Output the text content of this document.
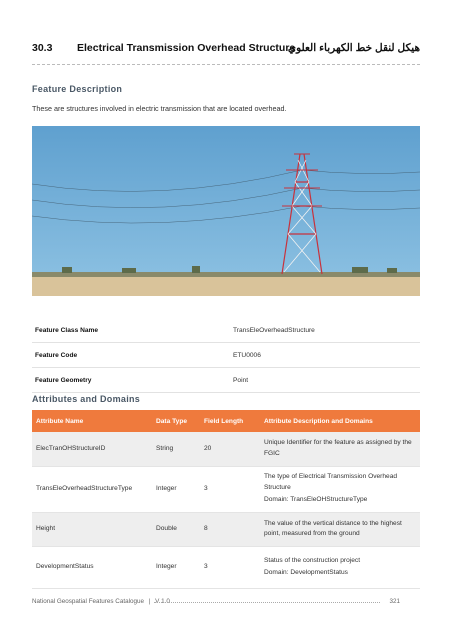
30.3 Electrical Transmission Overhead Structure
هيكل لنقل خط الكهرباء العلوي
Feature Description
These are structures involved in electric transmission that are located overhead.
Feature Class Name	TransEleOverheadStructure
Feature Code	ETU0006
Feature Geometry	Point
Attributes and Domains
Attribute Name	Data Type	Field Length	Attribute Description and Domains
ElecTranOHStructureID	String	20	Unique Identifier for the feature as assigned by the FGIC

TransEleOverheadStructureType	Integer	3	The type of Electrical Transmission Overhead Structure
Domain: TransEleOHStructureType

Height	Double	8	The value of the vertical distance to the highest point, measured from the ground

DevelopmentStatus	Integer	3	Status of the construction project
Domain: DevelopmentStatus
National Geospatial Features Catalogue | V 1.0	321
